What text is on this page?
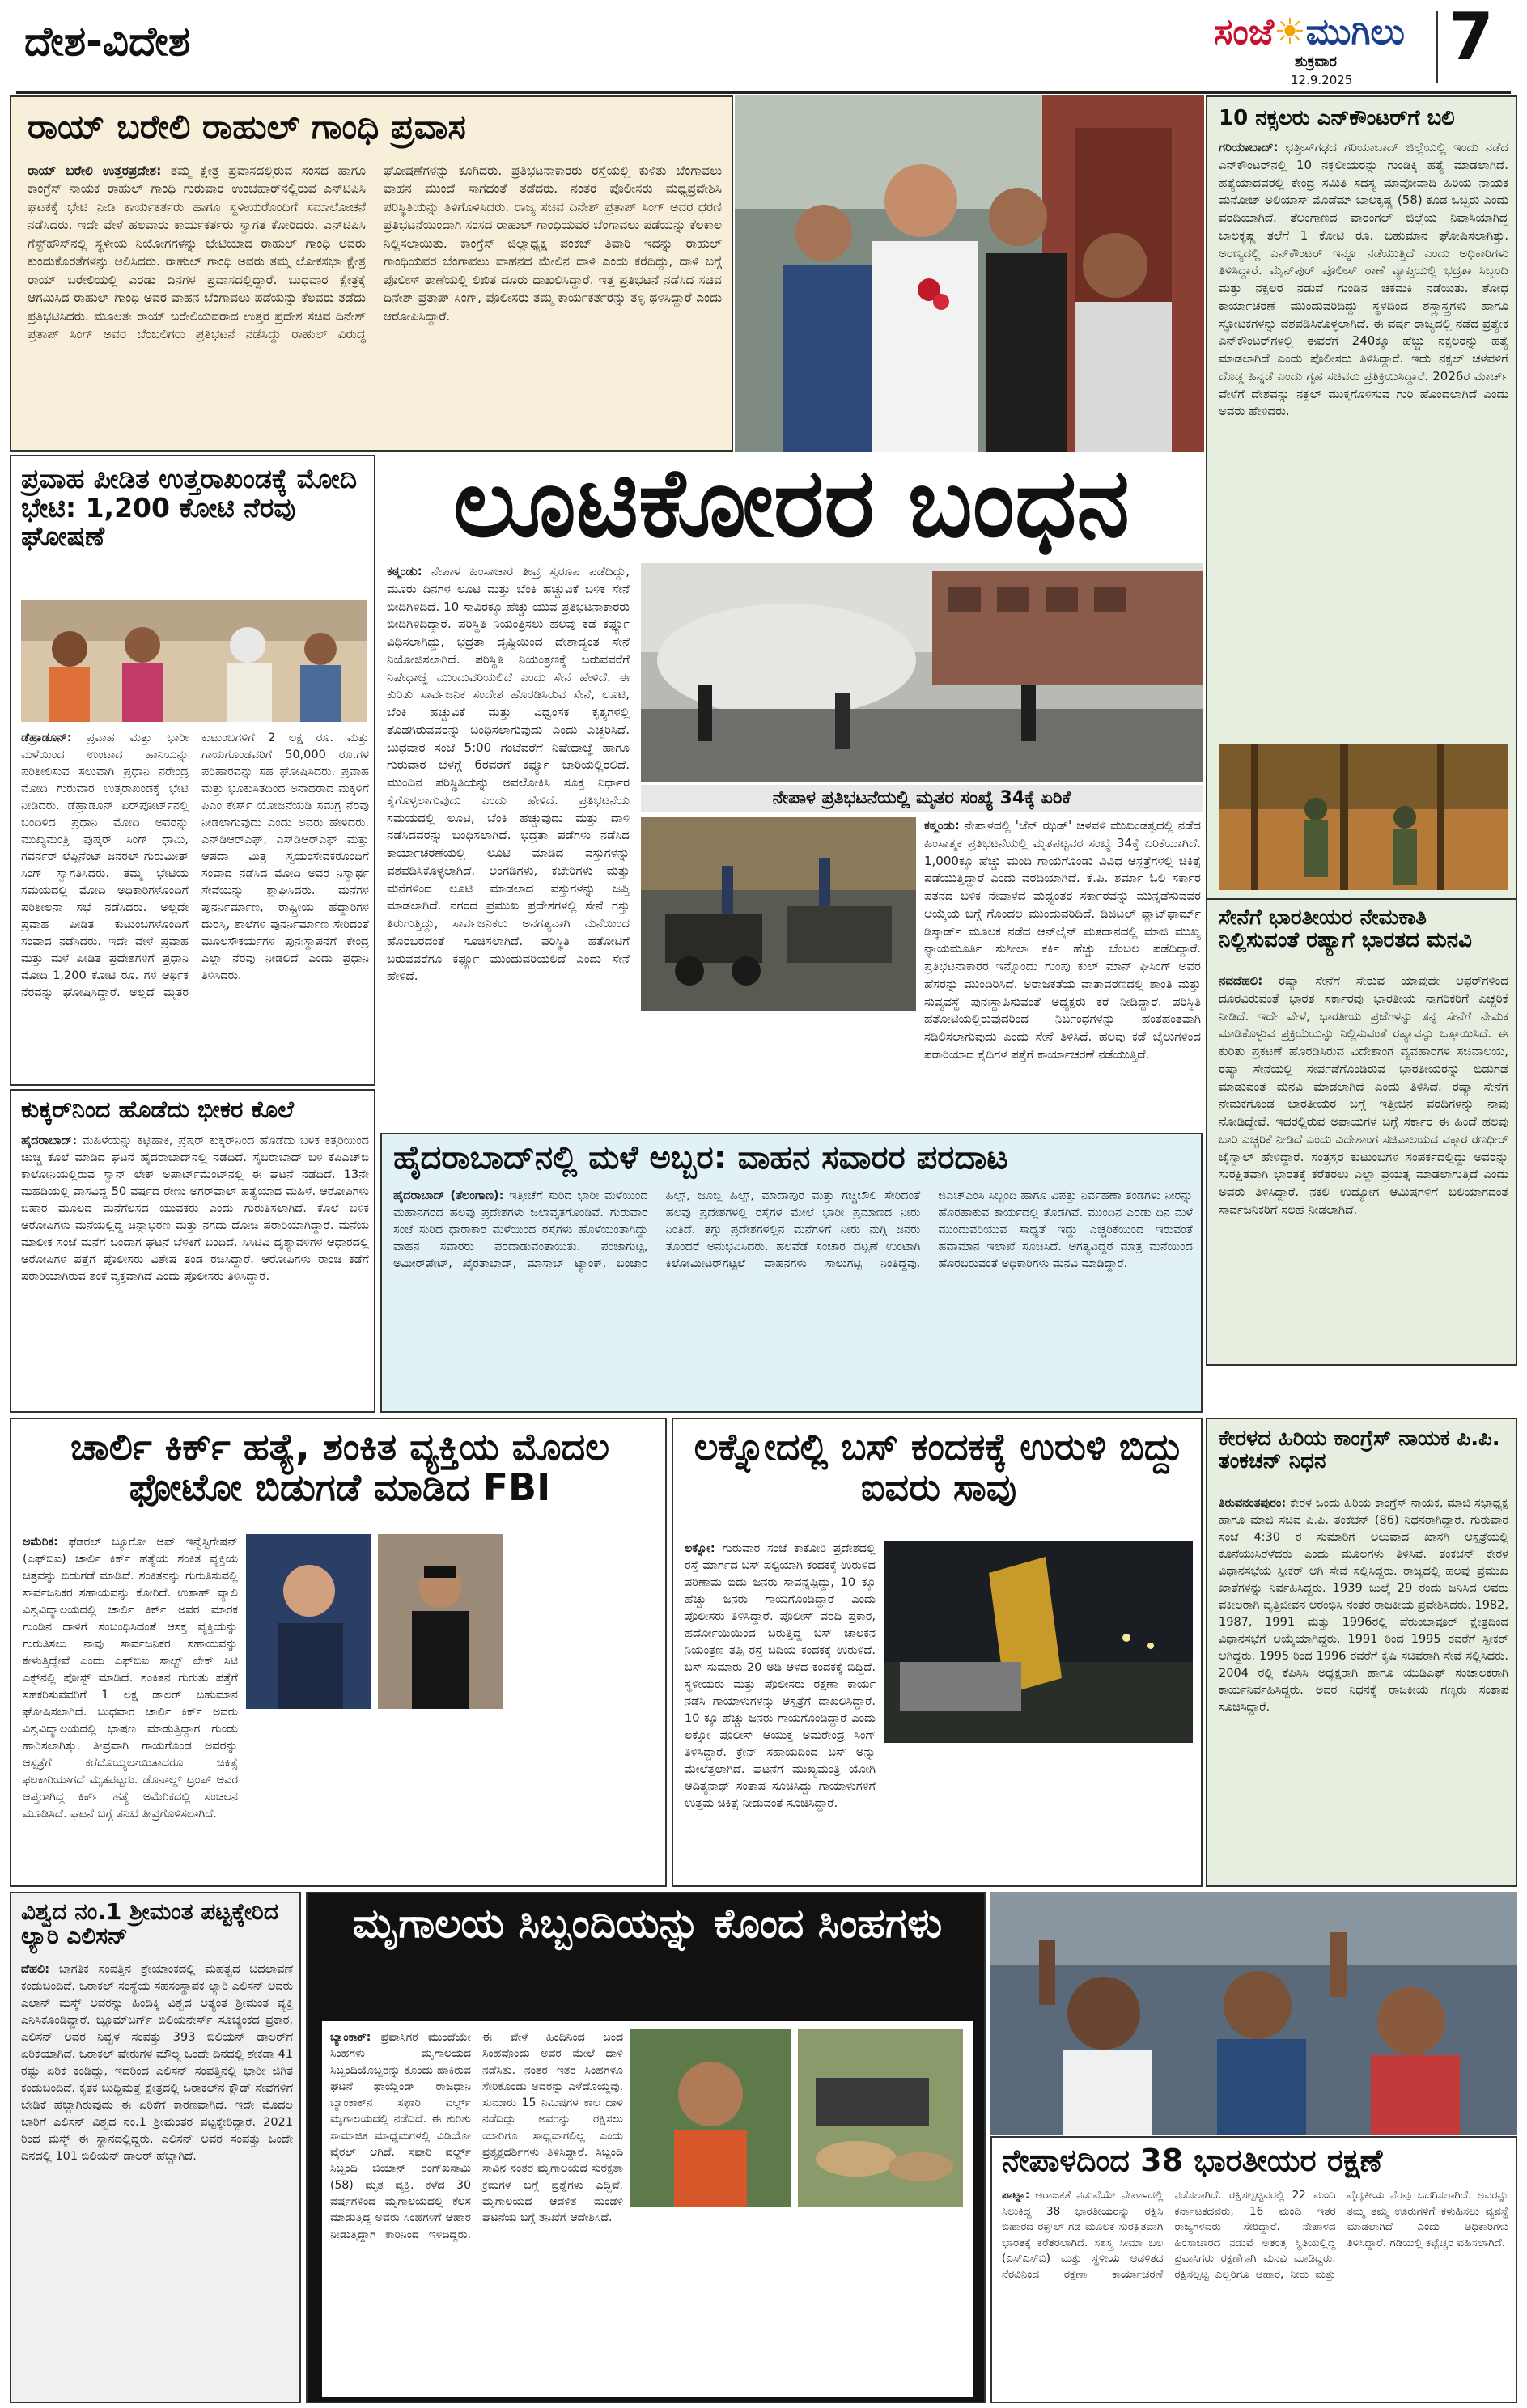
ದೇಶ-ವಿದೇಶ	ಸಂಜೆ☀ಮುಗಿಲು
ಶುಕ್ರವಾರ
12.9.2025
7
ರಾಯ್ ಬರೇಲಿ ರಾಹುಲ್ ಗಾಂಧಿ ಪ್ರವಾಸ
ರಾಯ್ ಬರೇಲಿ ಉತ್ತರಪ್ರದೇಶ: ತಮ್ಮ ಕ್ಷೇತ್ರ ಪ್ರವಾಸದಲ್ಲಿರುವ ಸಂಸದ ಹಾಗೂ ಕಾಂಗ್ರೆಸ್ ನಾಯಕ ರಾಹುಲ್ ಗಾಂಧಿ ಗುರುವಾರ ಉಂಚಹಾರ್‌ನಲ್ಲಿರುವ ಎನ್‌ಟಿಪಿಸಿ ಘಟಕಕ್ಕೆ ಭೇಟಿ ನೀಡಿ ಕಾರ್ಯಕರ್ತರು ಹಾಗೂ ಸ್ಥಳೀಯರೊಂದಿಗೆ ಸಮಾಲೋಚನೆ ನಡೆಸಿದರು. ಇದೇ ವೇಳೆ ಹಲವಾರು ಕಾರ್ಯಕರ್ತರು ಸ್ವಾಗತ ಕೋರಿದರು. ಎನ್‌ಟಿಪಿಸಿ ಗೆಸ್ಟ್‌ಹೌಸ್‌ನಲ್ಲಿ ಸ್ಥಳೀಯ ನಿಯೋಗಗಳನ್ನು ಭೇಟಿಯಾದ ರಾಹುಲ್ ಗಾಂಧಿ ಅವರು ಕುಂದುಕೊರತೆಗಳನ್ನು ಆಲಿಸಿದರು. ರಾಹುಲ್ ಗಾಂಧಿ ಅವರು ತಮ್ಮ ಲೋಕಸಭಾ ಕ್ಷೇತ್ರ ರಾಯ್ ಬರೇಲಿಯಲ್ಲಿ ಎರಡು ದಿನಗಳ ಪ್ರವಾಸದಲ್ಲಿದ್ದಾರೆ. ಬುಧವಾರ ಕ್ಷೇತ್ರಕ್ಕೆ ಆಗಮಿಸಿದ ರಾಹುಲ್ ಗಾಂಧಿ ಅವರ ವಾಹನ ಬೆಂಗಾವಲು ಪಡೆಯನ್ನು ಕೆಲವರು ತಡೆದು ಪ್ರತಿಭಟಿಸಿದರು. ಮೂಲತಃ ರಾಯ್ ಬರೇಲಿಯವರಾದ ಉತ್ತರ ಪ್ರದೇಶ ಸಚಿವ ದಿನೇಶ್ ಪ್ರತಾಪ್ ಸಿಂಗ್ ಅವರ ಬೆಂಬಲಿಗರು ಪ್ರತಿಭಟನೆ ನಡೆಸಿದ್ದು ರಾಹುಲ್ ವಿರುದ್ಧ ಘೋಷಣೆಗಳನ್ನು ಕೂಗಿದರು. ಪ್ರತಿಭಟನಾಕಾರರು ರಸ್ತೆಯಲ್ಲಿ ಕುಳಿತು ಬೆಂಗಾವಲು ವಾಹನ ಮುಂದೆ ಸಾಗದಂತೆ ತಡೆದರು. ನಂತರ ಪೊಲೀಸರು ಮಧ್ಯಪ್ರವೇಶಿಸಿ ಪರಿಸ್ಥಿತಿಯನ್ನು ತಿಳಿಗೊಳಿಸಿದರು. ರಾಜ್ಯ ಸಚಿವ ದಿನೇಶ್ ಪ್ರತಾಪ್ ಸಿಂಗ್ ಅವರ ಧರಣಿ ಪ್ರತಿಭಟನೆಯಿಂದಾಗಿ ಸಂಸದ ರಾಹುಲ್ ಗಾಂಧಿಯವರ ಬೆಂಗಾವಲು ಪಡೆಯನ್ನು ಕೆಲಕಾಲ ನಿಲ್ಲಿಸಲಾಯಿತು. ಕಾಂಗ್ರೆಸ್ ಜಿಲ್ಲಾಧ್ಯಕ್ಷ ಪಂಕಜ್ ತಿವಾರಿ ಇದನ್ನು ರಾಹುಲ್ ಗಾಂಧಿಯವರ ಬೆಂಗಾವಲು ವಾಹನದ ಮೇಲಿನ ದಾಳಿ ಎಂದು ಕರೆದಿದ್ದು, ದಾಳಿ ಬಗ್ಗೆ ಪೊಲೀಸ್ ಠಾಣೆಯಲ್ಲಿ ಲಿಖಿತ ದೂರು ದಾಖಲಿಸಿದ್ದಾರೆ. ಇತ್ತ ಪ್ರತಿಭಟನೆ ನಡೆಸಿದ ಸಚಿವ ದಿನೇಶ್ ಪ್ರತಾಪ್ ಸಿಂಗ್, ಪೊಲೀಸರು ತಮ್ಮ ಕಾರ್ಯಕರ್ತರನ್ನು ತಳ್ಳಿ ಥಳಿಸಿದ್ದಾರೆ ಎಂದು ಆರೋಪಿಸಿದ್ದಾರೆ.
10 ನಕ್ಸಲರು ಎನ್‌ಕೌಂಟರ್‌ಗೆ ಬಲಿ
ಗರಿಯಾಬಾದ್: ಛತ್ತೀಸ್‌ಗಢದ ಗರಿಯಾಬಾದ್ ಜಿಲ್ಲೆಯಲ್ಲಿ ಇಂದು ನಡೆದ ಎನ್‌ಕೌಂಟರ್‌ನಲ್ಲಿ 10 ನಕ್ಸಲೀಯರನ್ನು ಗುಂಡಿಕ್ಕಿ ಹತ್ಯೆ ಮಾಡಲಾಗಿದೆ. ಹತ್ಯೆಯಾದವರಲ್ಲಿ ಕೇಂದ್ರ ಸಮಿತಿ ಸದಸ್ಯ ಮಾವೋವಾದಿ ಹಿರಿಯ ನಾಯಕ ಮನೋಜ್ ಅಲಿಯಾಸ್ ಮೊಡೆಮ್ ಬಾಲಕೃಷ್ಣ (58) ಕೂಡ ಒಬ್ಬರು ಎಂದು ವರದಿಯಾಗಿದೆ. ತೆಲಂಗಾಣದ ವಾರಂಗಲ್ ಜಿಲ್ಲೆಯ ನಿವಾಸಿಯಾಗಿದ್ದ ಬಾಲಕೃಷ್ಣ ತಲೆಗೆ 1 ಕೋಟಿ ರೂ. ಬಹುಮಾನ ಘೋಷಿಸಲಾಗಿತ್ತು. ಅರಣ್ಯದಲ್ಲಿ ಎನ್‌ಕೌಂಟರ್ ಇನ್ನೂ ನಡೆಯುತ್ತಿದೆ ಎಂದು ಅಧಿಕಾರಿಗಳು ತಿಳಿಸಿದ್ದಾರೆ. ಮೈನ್‌ಪುರ್ ಪೊಲೀಸ್ ಠಾಣೆ ವ್ಯಾಪ್ತಿಯಲ್ಲಿ ಭದ್ರತಾ ಸಿಬ್ಬಂದಿ ಮತ್ತು ನಕ್ಸಲರ ನಡುವೆ ಗುಂಡಿನ ಚಕಮಕಿ ನಡೆಯಿತು. ಶೋಧ ಕಾರ್ಯಾಚರಣೆ ಮುಂದುವರಿದಿದ್ದು ಸ್ಥಳದಿಂದ ಶಸ್ತ್ರಾಸ್ತ್ರಗಳು ಹಾಗೂ ಸ್ಫೋಟಕಗಳನ್ನು ವಶಪಡಿಸಿಕೊಳ್ಳಲಾಗಿದೆ. ಈ ವರ್ಷ ರಾಜ್ಯದಲ್ಲಿ ನಡೆದ ಪ್ರತ್ಯೇಕ ಎನ್‌ಕೌಂಟರ್‌ಗಳಲ್ಲಿ ಈವರೆಗೆ 240ಕ್ಕೂ ಹೆಚ್ಚು ನಕ್ಸಲರನ್ನು ಹತ್ಯೆ ಮಾಡಲಾಗಿದೆ ಎಂದು ಪೊಲೀಸರು ತಿಳಿಸಿದ್ದಾರೆ. ಇದು ನಕ್ಸಲ್ ಚಳವಳಿಗೆ ದೊಡ್ಡ ಹಿನ್ನಡೆ ಎಂದು ಗೃಹ ಸಚಿವರು ಪ್ರತಿಕ್ರಿಯಿಸಿದ್ದಾರೆ. 2026ರ ಮಾರ್ಚ್ ವೇಳೆಗೆ ದೇಶವನ್ನು ನಕ್ಸಲ್ ಮುಕ್ತಗೊಳಿಸುವ ಗುರಿ ಹೊಂದಲಾಗಿದೆ ಎಂದು ಅವರು ಹೇಳಿದರು.
ಸೇನೆಗೆ ಭಾರತೀಯರ ನೇಮಕಾತಿ ನಿಲ್ಲಿಸುವಂತೆ ರಷ್ಯಾಗೆ ಭಾರತದ ಮನವಿ
ನವದೆಹಲಿ: ರಷ್ಯಾ ಸೇನೆಗೆ ಸೇರುವ ಯಾವುದೇ ಆಫರ್‌ಗಳಿಂದ ದೂರವಿರುವಂತೆ ಭಾರತ ಸರ್ಕಾರವು ಭಾರತೀಯ ನಾಗರಿಕರಿಗೆ ಎಚ್ಚರಿಕೆ ನೀಡಿದೆ. ಇದೇ ವೇಳೆ, ಭಾರತೀಯ ಪ್ರಜೆಗಳನ್ನು ತನ್ನ ಸೇನೆಗೆ ನೇಮಕ ಮಾಡಿಕೊಳ್ಳುವ ಪ್ರಕ್ರಿಯೆಯನ್ನು ನಿಲ್ಲಿಸುವಂತೆ ರಷ್ಯಾವನ್ನು ಒತ್ತಾಯಿಸಿದೆ. ಈ ಕುರಿತು ಪ್ರಕಟಣೆ ಹೊರಡಿಸಿರುವ ವಿದೇಶಾಂಗ ವ್ಯವಹಾರಗಳ ಸಚಿವಾಲಯ, ರಷ್ಯಾ ಸೇನೆಯಲ್ಲಿ ಸೇರ್ಪಡೆಗೊಂಡಿರುವ ಭಾರತೀಯರನ್ನು ಬಿಡುಗಡೆ ಮಾಡುವಂತೆ ಮನವಿ ಮಾಡಲಾಗಿದೆ ಎಂದು ತಿಳಿಸಿದೆ. ರಷ್ಯಾ ಸೇನೆಗೆ ನೇಮಕಗೊಂಡ ಭಾರತೀಯರ ಬಗ್ಗೆ ಇತ್ತೀಚಿನ ವರದಿಗಳನ್ನು ನಾವು ನೋಡಿದ್ದೇವೆ. ಇದರಲ್ಲಿರುವ ಅಪಾಯಗಳ ಬಗ್ಗೆ ಸರ್ಕಾರ ಈ ಹಿಂದೆ ಹಲವು ಬಾರಿ ಎಚ್ಚರಿಕೆ ನೀಡಿದೆ ಎಂದು ವಿದೇಶಾಂಗ ಸಚಿವಾಲಯದ ವಕ್ತಾರ ರಣಧೀರ್ ಜೈಸ್ವಾಲ್ ಹೇಳಿದ್ದಾರೆ. ಸಂತ್ರಸ್ತರ ಕುಟುಂಬಗಳ ಸಂಪರ್ಕದಲ್ಲಿದ್ದು ಅವರನ್ನು ಸುರಕ್ಷಿತವಾಗಿ ಭಾರತಕ್ಕೆ ಕರೆತರಲು ಎಲ್ಲಾ ಪ್ರಯತ್ನ ಮಾಡಲಾಗುತ್ತಿದೆ ಎಂದು ಅವರು ತಿಳಿಸಿದ್ದಾರೆ. ನಕಲಿ ಉದ್ಯೋಗ ಆಮಿಷಗಳಿಗೆ ಬಲಿಯಾಗದಂತೆ ಸಾರ್ವಜನಿಕರಿಗೆ ಸಲಹೆ ನೀಡಲಾಗಿದೆ.
ಪ್ರವಾಹ ಪೀಡಿತ ಉತ್ತರಾಖಂಡಕ್ಕೆ ಮೋದಿ ಭೇಟಿ: 1,200 ಕೋಟಿ ನೆರವು ಘೋಷಣೆ
ಡೆಹ್ರಾಡೂನ್: ಪ್ರವಾಹ ಮತ್ತು ಭಾರೀ ಮಳೆಯಿಂದ ಉಂಟಾದ ಹಾನಿಯನ್ನು ಪರಿಶೀಲಿಸುವ ಸಲುವಾಗಿ ಪ್ರಧಾನಿ ನರೇಂದ್ರ ಮೋದಿ ಗುರುವಾರ ಉತ್ತರಾಖಂಡಕ್ಕೆ ಭೇಟಿ ನೀಡಿದರು. ಡೆಹ್ರಾಡೂನ್ ಏರ್‌ಪೋರ್ಟ್‌ನಲ್ಲಿ ಬಂದಿಳಿದ ಪ್ರಧಾನಿ ಮೋದಿ ಅವರನ್ನು ಮುಖ್ಯಮಂತ್ರಿ ಪುಷ್ಕರ್ ಸಿಂಗ್ ಧಾಮಿ, ಗವರ್ನರ್ ಲೆಫ್ಟಿನೆಂಟ್ ಜನರಲ್ ಗುರುಮೀತ್ ಸಿಂಗ್ ಸ್ವಾಗತಿಸಿದರು. ತಮ್ಮ ಭೇಟಿಯ ಸಮಯದಲ್ಲಿ ಮೋದಿ ಅಧಿಕಾರಿಗಳೊಂದಿಗೆ ಪರಿಶೀಲನಾ ಸಭೆ ನಡೆಸಿದರು. ಅಲ್ಲದೇ ಪ್ರವಾಹ ಪೀಡಿತ ಕುಟುಂಬಗಳೊಂದಿಗೆ ಸಂವಾದ ನಡೆಸಿದರು. ಇದೇ ವೇಳೆ ಪ್ರವಾಹ ಮತ್ತು ಮಳೆ ಪೀಡಿತ ಪ್ರದೇಶಗಳಿಗೆ ಪ್ರಧಾನಿ ಮೋದಿ 1,200 ಕೋಟಿ ರೂ. ಗಳ ಆರ್ಥಿಕ ನೆರವನ್ನು ಘೋಷಿಸಿದ್ದಾರೆ. ಅಲ್ಲದೆ ಮೃತರ ಕುಟುಂಬಗಳಿಗೆ 2 ಲಕ್ಷ ರೂ. ಮತ್ತು ಗಾಯಗೊಂಡವರಿಗೆ 50,000 ರೂ.ಗಳ ಪರಿಹಾರವನ್ನು ಸಹ ಘೋಷಿಸಿದರು. ಪ್ರವಾಹ ಮತ್ತು ಭೂಕುಸಿತದಿಂದ ಅನಾಥರಾದ ಮಕ್ಕಳಿಗೆ ಪಿಎಂ ಕೇರ್ಸ್ ಯೋಜನೆಯಡಿ ಸಮಗ್ರ ನೆರವು ನೀಡಲಾಗುವುದು ಎಂದು ಅವರು ಹೇಳಿದರು. ಎನ್‌ಡಿಆರ್‌ಎಫ್, ಎಸ್‌ಡಿಆರ್‌ಎಫ್ ಮತ್ತು ಆಪದಾ ಮಿತ್ರ ಸ್ವಯಂಸೇವಕರೊಂದಿಗೆ ಸಂವಾದ ನಡೆಸಿದ ಮೋದಿ ಅವರ ನಿಸ್ವಾರ್ಥ ಸೇವೆಯನ್ನು ಶ್ಲಾಘಿಸಿದರು. ಮನೆಗಳ ಪುನರ್ನಿರ್ಮಾಣ, ರಾಷ್ಟ್ರೀಯ ಹೆದ್ದಾರಿಗಳ ದುರಸ್ತಿ, ಶಾಲೆಗಳ ಪುನರ್ನಿರ್ಮಾಣ ಸೇರಿದಂತೆ ಮೂಲಸೌಕರ್ಯಗಳ ಪುನಃಸ್ಥಾಪನೆಗೆ ಕೇಂದ್ರ ಎಲ್ಲಾ ನೆರವು ನೀಡಲಿದೆ ಎಂದು ಪ್ರಧಾನಿ ತಿಳಿಸಿದರು.
ಲೂಟಿಕೋರರ ಬಂಧನ
ಕಠ್ಮಂಡು: ನೇಪಾಳ ಹಿಂಸಾಚಾರ ತೀವ್ರ ಸ್ವರೂಪ ಪಡೆದಿದ್ದು, ಮೂರು ದಿನಗಳ ಲೂಟಿ ಮತ್ತು ಬೆಂಕಿ ಹಚ್ಚುವಿಕೆ ಬಳಿಕ ಸೇನೆ ಬೀದಿಗಿಳಿದಿದೆ. 10 ಸಾವಿರಕ್ಕೂ ಹೆಚ್ಚು ಯುವ ಪ್ರತಿಭಟನಾಕಾರರು ಬೀದಿಗಿಳಿದಿದ್ದಾರೆ. ಪರಿಸ್ಥಿತಿ ನಿಯಂತ್ರಿಸಲು ಹಲವು ಕಡೆ ಕರ್ಫ್ಯೂ ವಿಧಿಸಲಾಗಿದ್ದು, ಭದ್ರತಾ ದೃಷ್ಟಿಯಿಂದ ದೇಶಾದ್ಯಂತ ಸೇನೆ ನಿಯೋಜಿಸಲಾಗಿದೆ. ಪರಿಸ್ಥಿತಿ ನಿಯಂತ್ರಣಕ್ಕೆ ಬರುವವರೆಗೆ ನಿಷೇಧಾಜ್ಞೆ ಮುಂದುವರಿಯಲಿದೆ ಎಂದು ಸೇನೆ ಹೇಳಿದೆ. ಈ ಕುರಿತು ಸಾರ್ವಜನಿಕ ಸಂದೇಶ ಹೊರಡಿಸಿರುವ ಸೇನೆ, ಲೂಟಿ, ಬೆಂಕಿ ಹಚ್ಚುವಿಕೆ ಮತ್ತು ವಿಧ್ವಂಸಕ ಕೃತ್ಯಗಳಲ್ಲಿ ತೊಡಗಿರುವವರನ್ನು ಬಂಧಿಸಲಾಗುವುದು ಎಂದು ಎಚ್ಚರಿಸಿದೆ. ಬುಧವಾರ ಸಂಜೆ 5:00 ಗಂಟೆವರೆಗೆ ನಿಷೇಧಾಜ್ಞೆ ಹಾಗೂ ಗುರುವಾರ ಬೆಳಗ್ಗೆ 6ರವರೆಗೆ ಕರ್ಫ್ಯೂ ಜಾರಿಯಲ್ಲಿರಲಿದೆ. ಮುಂದಿನ ಪರಿಸ್ಥಿತಿಯನ್ನು ಅವಲೋಕಿಸಿ ಸೂಕ್ತ ನಿರ್ಧಾರ ಕೈಗೊಳ್ಳಲಾಗುವುದು ಎಂದು ಹೇಳಿದೆ. ಪ್ರತಿಭಟನೆಯ ಸಮಯದಲ್ಲಿ ಲೂಟಿ, ಬೆಂಕಿ ಹಚ್ಚುವುದು ಮತ್ತು ದಾಳಿ ನಡೆಸಿದವರನ್ನು ಬಂಧಿಸಲಾಗಿದೆ. ಭದ್ರತಾ ಪಡೆಗಳು ನಡೆಸಿದ ಕಾರ್ಯಾಚರಣೆಯಲ್ಲಿ ಲೂಟಿ ಮಾಡಿದ ವಸ್ತುಗಳನ್ನು ವಶಪಡಿಸಿಕೊಳ್ಳಲಾಗಿದೆ. ಅಂಗಡಿಗಳು, ಕಚೇರಿಗಳು ಮತ್ತು ಮನೆಗಳಿಂದ ಲೂಟಿ ಮಾಡಲಾದ ವಸ್ತುಗಳನ್ನು ಜಪ್ತಿ ಮಾಡಲಾಗಿದೆ. ನಗರದ ಪ್ರಮುಖ ಪ್ರದೇಶಗಳಲ್ಲಿ ಸೇನೆ ಗಸ್ತು ತಿರುಗುತ್ತಿದ್ದು, ಸಾರ್ವಜನಿಕರು ಅನಗತ್ಯವಾಗಿ ಮನೆಯಿಂದ ಹೊರಬರದಂತೆ ಸೂಚಿಸಲಾಗಿದೆ. ಪರಿಸ್ಥಿತಿ ಹತೋಟಿಗೆ ಬರುವವರೆಗೂ ಕರ್ಫ್ಯೂ ಮುಂದುವರಿಯಲಿದೆ ಎಂದು ಸೇನೆ ಹೇಳಿದೆ.
ನೇಪಾಳ ಪ್ರತಿಭಟನೆಯಲ್ಲಿ ಮೃತರ ಸಂಖ್ಯೆ 34ಕ್ಕೆ ಏರಿಕೆ
ಕಠ್ಮಂಡು: ನೇಪಾಳದಲ್ಲಿ 'ಜೆನ್ ಝಡ್' ಚಳವಳಿ ಮುಖಂಡತ್ವದಲ್ಲಿ ನಡೆದ ಹಿಂಸಾತ್ಮಕ ಪ್ರತಿಭಟನೆಯಲ್ಲಿ ಮೃತಪಟ್ಟವರ ಸಂಖ್ಯೆ 34ಕ್ಕೆ ಏರಿಕೆಯಾಗಿದೆ. 1,000ಕ್ಕೂ ಹೆಚ್ಚು ಮಂದಿ ಗಾಯಗೊಂಡು ವಿವಿಧ ಆಸ್ಪತ್ರೆಗಳಲ್ಲಿ ಚಿಕಿತ್ಸೆ ಪಡೆಯುತ್ತಿದ್ದಾರೆ ಎಂದು ವರದಿಯಾಗಿದೆ. ಕೆ.ಪಿ. ಶರ್ಮಾ ಓಲಿ ಸರ್ಕಾರ ಪತನದ ಬಳಿಕ ನೇಪಾಳದ ಮಧ್ಯಂತರ ಸರ್ಕಾರವನ್ನು ಮುನ್ನಡೆಸುವವರ ಆಯ್ಕೆಯ ಬಗ್ಗೆ ಗೊಂದಲ ಮುಂದುವರಿದಿದೆ. ಡಿಜಿಟಲ್ ಪ್ಲಾಟ್‌ಫಾರ್ಮ್ ಡಿಸ್ಕಾರ್ಡ್ ಮೂಲಕ ನಡೆದ ಆನ್‌ಲೈನ್ ಮತದಾನದಲ್ಲಿ ಮಾಜಿ ಮುಖ್ಯ ನ್ಯಾಯಮೂರ್ತಿ ಸುಶೀಲಾ ಕರ್ಕಿ ಹೆಚ್ಚು ಬೆಂಬಲ ಪಡೆದಿದ್ದಾರೆ. ಪ್ರತಿಭಟನಾಕಾರರ ಇನ್ನೊಂದು ಗುಂಪು ಕುಲ್ ಮಾನ್ ಘಿಸಿಂಗ್ ಅವರ ಹೆಸರನ್ನು ಮುಂದಿರಿಸಿದೆ. ಅರಾಜಕತೆಯ ವಾತಾವರಣದಲ್ಲಿ ಶಾಂತಿ ಮತ್ತು ಸುವ್ಯವಸ್ಥೆ ಪುನಃಸ್ಥಾಪಿಸುವಂತೆ ಅಧ್ಯಕ್ಷರು ಕರೆ ನೀಡಿದ್ದಾರೆ. ಪರಿಸ್ಥಿತಿ ಹತೋಟಿಯಲ್ಲಿರುವುದರಿಂದ ನಿರ್ಬಂಧಗಳನ್ನು ಹಂತಹಂತವಾಗಿ ಸಡಿಲಿಸಲಾಗುವುದು ಎಂದು ಸೇನೆ ತಿಳಿಸಿದೆ. ಹಲವು ಕಡೆ ಜೈಲುಗಳಿಂದ ಪರಾರಿಯಾದ ಕೈದಿಗಳ ಪತ್ತೆಗೆ ಕಾರ್ಯಾಚರಣೆ ನಡೆಯುತ್ತಿದೆ.
ಕುಕ್ಕರ್‌ನಿಂದ ಹೊಡೆದು ಭೀಕರ ಕೊಲೆ
ಹೈದರಾಬಾದ್: ಮಹಿಳೆಯನ್ನು ಕಟ್ಟಿಹಾಕಿ, ಪ್ರೆಷರ್ ಕುಕ್ಕರ್‌ನಿಂದ ಹೊಡೆದು ಬಳಿಕ ಕತ್ತರಿಯಿಂದ ಚುಚ್ಚಿ ಕೊಲೆ ಮಾಡಿದ ಘಟನೆ ಹೈದರಾಬಾದ್‌ನಲ್ಲಿ ನಡೆದಿದೆ. ಸೈಬರಾಬಾದ್ ಬಳಿ ಕೆಪಿಎಚ್‌ಬಿ ಕಾಲೋನಿಯಲ್ಲಿರುವ ಸ್ವಾನ್ ಲೇಕ್ ಅಪಾರ್ಟ್‌ಮೆಂಟ್‌ನಲ್ಲಿ ಈ ಘಟನೆ ನಡೆದಿದೆ. 13ನೇ ಮಹಡಿಯಲ್ಲಿ ವಾಸವಿದ್ದ 50 ವರ್ಷದ ರೇಣು ಅಗರ್‌ವಾಲ್ ಹತ್ಯೆಯಾದ ಮಹಿಳೆ. ಆರೋಪಿಗಳು ಬಿಹಾರ ಮೂಲದ ಮನೆಗೆಲಸದ ಯುವಕರು ಎಂದು ಗುರುತಿಸಲಾಗಿದೆ. ಕೊಲೆ ಬಳಿಕ ಆರೋಪಿಗಳು ಮನೆಯಲ್ಲಿದ್ದ ಚಿನ್ನಾಭರಣ ಮತ್ತು ನಗದು ದೋಚಿ ಪರಾರಿಯಾಗಿದ್ದಾರೆ. ಮನೆಯ ಮಾಲೀಕ ಸಂಜೆ ಮನೆಗೆ ಬಂದಾಗ ಘಟನೆ ಬೆಳಕಿಗೆ ಬಂದಿದೆ. ಸಿಸಿಟಿವಿ ದೃಶ್ಯಾವಳಿಗಳ ಆಧಾರದಲ್ಲಿ ಆರೋಪಿಗಳ ಪತ್ತೆಗೆ ಪೊಲೀಸರು ವಿಶೇಷ ತಂಡ ರಚಿಸಿದ್ದಾರೆ. ಆರೋಪಿಗಳು ರಾಂಚಿ ಕಡೆಗೆ ಪರಾರಿಯಾಗಿರುವ ಶಂಕೆ ವ್ಯಕ್ತವಾಗಿದೆ ಎಂದು ಪೊಲೀಸರು ತಿಳಿಸಿದ್ದಾರೆ.
ಹೈದರಾಬಾದ್‌ನಲ್ಲಿ ಮಳೆ ಅಬ್ಬರ: ವಾಹನ ಸವಾರರ ಪರದಾಟ
ಹೈದರಾಬಾದ್ (ತೆಲಂಗಾಣ): ಇತ್ತೀಚೆಗೆ ಸುರಿದ ಭಾರೀ ಮಳೆಯಿಂದ ಮಹಾನಗರದ ಹಲವು ಪ್ರದೇಶಗಳು ಜಲಾವೃತಗೊಂಡಿವೆ. ಗುರುವಾರ ಸಂಜೆ ಸುರಿದ ಧಾರಾಕಾರ ಮಳೆಯಿಂದ ರಸ್ತೆಗಳು ಹೊಳೆಯಂತಾಗಿದ್ದು ವಾಹನ ಸವಾರರು ಪರದಾಡುವಂತಾಯಿತು. ಪಂಜಾಗುಟ್ಟ, ಅಮೀರ್‌ಪೇಟ್, ಖೈರತಾಬಾದ್, ಮಾಸಾಬ್ ಟ್ಯಾಂಕ್, ಬಂಜಾರ ಹಿಲ್ಸ್, ಜೂಬ್ಲಿ ಹಿಲ್ಸ್, ಮಾದಾಪುರ ಮತ್ತು ಗಚ್ಚಿಬೌಲಿ ಸೇರಿದಂತೆ ಹಲವು ಪ್ರದೇಶಗಳಲ್ಲಿ ರಸ್ತೆಗಳ ಮೇಲೆ ಭಾರೀ ಪ್ರಮಾಣದ ನೀರು ನಿಂತಿದೆ. ತಗ್ಗು ಪ್ರದೇಶಗಳಲ್ಲಿನ ಮನೆಗಳಿಗೆ ನೀರು ನುಗ್ಗಿ ಜನರು ತೊಂದರೆ ಅನುಭವಿಸಿದರು. ಹಲವೆಡೆ ಸಂಚಾರ ದಟ್ಟಣೆ ಉಂಟಾಗಿ ಕಿಲೋಮೀಟರ್‌ಗಟ್ಟಲೆ ವಾಹನಗಳು ಸಾಲುಗಟ್ಟಿ ನಿಂತಿದ್ದವು. ಜಿಎಚ್‌ಎಂಸಿ ಸಿಬ್ಬಂದಿ ಹಾಗೂ ವಿಪತ್ತು ನಿರ್ವಹಣಾ ತಂಡಗಳು ನೀರನ್ನು ಹೊರಹಾಕುವ ಕಾರ್ಯದಲ್ಲಿ ತೊಡಗಿವೆ. ಮುಂದಿನ ಎರಡು ದಿನ ಮಳೆ ಮುಂದುವರಿಯುವ ಸಾಧ್ಯತೆ ಇದ್ದು ಎಚ್ಚರಿಕೆಯಿಂದ ಇರುವಂತೆ ಹವಾಮಾನ ಇಲಾಖೆ ಸೂಚಿಸಿದೆ. ಅಗತ್ಯವಿದ್ದರೆ ಮಾತ್ರ ಮನೆಯಿಂದ ಹೊರಬರುವಂತೆ ಅಧಿಕಾರಿಗಳು ಮನವಿ ಮಾಡಿದ್ದಾರೆ.
ಚಾರ್ಲಿ ಕಿರ್ಕ್ ಹತ್ಯೆ, ಶಂಕಿತ ವ್ಯಕ್ತಿಯ ಮೊದಲ ಫೋಟೋ ಬಿಡುಗಡೆ ಮಾಡಿದ FBI
ಅಮೆರಿಕ: ಫೆಡರಲ್ ಬ್ಯೂರೋ ಆಫ್ ಇನ್ವೆಸ್ಟಿಗೇಷನ್ (ಎಫ್‌ಬಿಐ) ಚಾರ್ಲಿ ಕಿರ್ಕ್ ಹತ್ಯೆಯ ಶಂಕಿತ ವ್ಯಕ್ತಿಯ ಚಿತ್ರವನ್ನು ಬಿಡುಗಡೆ ಮಾಡಿದೆ. ಶಂಕಿತನನ್ನು ಗುರುತಿಸುವಲ್ಲಿ ಸಾರ್ವಜನಿಕರ ಸಹಾಯವನ್ನು ಕೋರಿದೆ. ಉತಾಹ್ ವ್ಯಾಲಿ ವಿಶ್ವವಿದ್ಯಾಲಯದಲ್ಲಿ ಚಾರ್ಲಿ ಕಿರ್ಕ್ ಅವರ ಮಾರಕ ಗುಂಡಿನ ದಾಳಿಗೆ ಸಂಬಂಧಿಸಿದಂತೆ ಆಸಕ್ತ ವ್ಯಕ್ತಿಯನ್ನು ಗುರುತಿಸಲು ನಾವು ಸಾರ್ವಜನಿಕರ ಸಹಾಯವನ್ನು ಕೇಳುತ್ತಿದ್ದೇವೆ ಎಂದು ಎಫ್‌ಬಿಐ ಸಾಲ್ಟ್ ಲೇಕ್ ಸಿಟಿ ಎಕ್ಸ್‌ನಲ್ಲಿ ಪೋಸ್ಟ್ ಮಾಡಿದೆ. ಶಂಕಿತನ ಗುರುತು ಪತ್ತೆಗೆ ಸಹಕರಿಸುವವರಿಗೆ 1 ಲಕ್ಷ ಡಾಲರ್ ಬಹುಮಾನ ಘೋಷಿಸಲಾಗಿದೆ. ಬುಧವಾರ ಚಾರ್ಲಿ ಕಿರ್ಕ್ ಅವರು ವಿಶ್ವವಿದ್ಯಾಲಯದಲ್ಲಿ ಭಾಷಣ ಮಾಡುತ್ತಿದ್ದಾಗ ಗುಂಡು ಹಾರಿಸಲಾಗಿತ್ತು. ತೀವ್ರವಾಗಿ ಗಾಯಗೊಂಡ ಅವರನ್ನು ಆಸ್ಪತ್ರೆಗೆ ಕರೆದೊಯ್ಯಲಾಯಿತಾದರೂ ಚಿಕಿತ್ಸೆ ಫಲಕಾರಿಯಾಗದೆ ಮೃತಪಟ್ಟರು. ಡೊನಾಲ್ಡ್ ಟ್ರಂಪ್ ಅವರ ಆಪ್ತರಾಗಿದ್ದ ಕಿರ್ಕ್ ಹತ್ಯೆ ಅಮೆರಿಕದಲ್ಲಿ ಸಂಚಲನ ಮೂಡಿಸಿದೆ. ಘಟನೆ ಬಗ್ಗೆ ತನಿಖೆ ತೀವ್ರಗೊಳಿಸಲಾಗಿದೆ.
ಲಕ್ನೋದಲ್ಲಿ ಬಸ್ ಕಂದಕಕ್ಕೆ ಉರುಳಿ ಬಿದ್ದು ಐವರು ಸಾವು
ಲಕ್ನೋ: ಗುರುವಾರ ಸಂಜೆ ಕಾಕೋರಿ ಪ್ರದೇಶದಲ್ಲಿ ರಸ್ತೆ ಮಾರ್ಗದ ಬಸ್ ಪಲ್ಟಿಯಾಗಿ ಕಂದಕಕ್ಕೆ ಉರುಳಿದ ಪರಿಣಾಮ ಐದು ಜನರು ಸಾವನ್ನಪ್ಪಿದ್ದು, 10 ಕ್ಕೂ ಹೆಚ್ಚು ಜನರು ಗಾಯಗೊಂಡಿದ್ದಾರೆ ಎಂದು ಪೊಲೀಸರು ತಿಳಿಸಿದ್ದಾರೆ. ಪೊಲೀಸ್ ವರದಿ ಪ್ರಕಾರ, ಹರ್ದೋಯಿಯಿಂದ ಬರುತ್ತಿದ್ದ ಬಸ್ ಚಾಲಕನ ನಿಯಂತ್ರಣ ತಪ್ಪಿ ರಸ್ತೆ ಬದಿಯ ಕಂದಕಕ್ಕೆ ಉರುಳಿದೆ. ಬಸ್ ಸುಮಾರು 20 ಅಡಿ ಆಳದ ಕಂದಕಕ್ಕೆ ಬಿದ್ದಿದೆ. ಸ್ಥಳೀಯರು ಮತ್ತು ಪೊಲೀಸರು ರಕ್ಷಣಾ ಕಾರ್ಯ ನಡೆಸಿ ಗಾಯಾಳುಗಳನ್ನು ಆಸ್ಪತ್ರೆಗೆ ದಾಖಲಿಸಿದ್ದಾರೆ. 10 ಕ್ಕೂ ಹೆಚ್ಚು ಜನರು ಗಾಯಗೊಂಡಿದ್ದಾರೆ ಎಂದು ಲಕ್ನೋ ಪೊಲೀಸ್ ಆಯುಕ್ತ ಅಮರೇಂದ್ರ ಸಿಂಗ್ ತಿಳಿಸಿದ್ದಾರೆ. ಕ್ರೇನ್ ಸಹಾಯದಿಂದ ಬಸ್ ಅನ್ನು ಮೇಲೆತ್ತಲಾಗಿದೆ. ಘಟನೆಗೆ ಮುಖ್ಯಮಂತ್ರಿ ಯೋಗಿ ಆದಿತ್ಯನಾಥ್ ಸಂತಾಪ ಸೂಚಿಸಿದ್ದು ಗಾಯಾಳುಗಳಿಗೆ ಉತ್ತಮ ಚಿಕಿತ್ಸೆ ನೀಡುವಂತೆ ಸೂಚಿಸಿದ್ದಾರೆ.
ಕೇರಳದ ಹಿರಿಯ ಕಾಂಗ್ರೆಸ್ ನಾಯಕ ಪಿ.ಪಿ. ತಂಕಚನ್ ನಿಧನ
ತಿರುವನಂತಪುರಂ: ಕೇರಳ ಒಂದು ಹಿರಿಯ ಕಾಂಗ್ರೆಸ್ ನಾಯಕ, ಮಾಜಿ ಸಭಾಧ್ಯಕ್ಷ ಹಾಗೂ ಮಾಜಿ ಸಚಿವ ಪಿ.ಪಿ. ತಂಕಚನ್ (86) ನಿಧನರಾಗಿದ್ದಾರೆ. ಗುರುವಾರ ಸಂಜೆ 4:30 ರ ಸುಮಾರಿಗೆ ಅಲುವಾದ ಖಾಸಗಿ ಆಸ್ಪತ್ರೆಯಲ್ಲಿ ಕೊನೆಯುಸಿರೆಳೆದರು ಎಂದು ಮೂಲಗಳು ತಿಳಿಸಿವೆ. ತಂಕಚನ್ ಕೇರಳ ವಿಧಾನಸಭೆಯ ಸ್ಪೀಕರ್ ಆಗಿ ಸೇವೆ ಸಲ್ಲಿಸಿದ್ದರು. ರಾಜ್ಯದಲ್ಲಿ ಹಲವು ಪ್ರಮುಖ ಖಾತೆಗಳನ್ನು ನಿರ್ವಹಿಸಿದ್ದರು. 1939 ಜುಲೈ 29 ರಂದು ಜನಿಸಿದ ಅವರು ವಕೀಲರಾಗಿ ವೃತ್ತಿಜೀವನ ಆರಂಭಿಸಿ ನಂತರ ರಾಜಕೀಯ ಪ್ರವೇಶಿಸಿದರು. 1982, 1987, 1991 ಮತ್ತು 1996ರಲ್ಲಿ ಪೆರುಂಬಾವೂರ್ ಕ್ಷೇತ್ರದಿಂದ ವಿಧಾನಸಭೆಗೆ ಆಯ್ಕೆಯಾಗಿದ್ದರು. 1991 ರಿಂದ 1995 ರವರೆಗೆ ಸ್ಪೀಕರ್ ಆಗಿದ್ದರು. 1995 ರಿಂದ 1996 ರವರೆಗೆ ಕೃಷಿ ಸಚಿವರಾಗಿ ಸೇವೆ ಸಲ್ಲಿಸಿದರು. 2004 ರಲ್ಲಿ ಕೆಪಿಸಿಸಿ ಅಧ್ಯಕ್ಷರಾಗಿ ಹಾಗೂ ಯುಡಿಎಫ್ ಸಂಚಾಲಕರಾಗಿ ಕಾರ್ಯನಿರ್ವಹಿಸಿದ್ದರು. ಅವರ ನಿಧನಕ್ಕೆ ರಾಜಕೀಯ ಗಣ್ಯರು ಸಂತಾಪ ಸೂಚಿಸಿದ್ದಾರೆ.
ವಿಶ್ವದ ನಂ.1 ಶ್ರೀಮಂತ ಪಟ್ಟಕ್ಕೇರಿದ ಲ್ಯಾರಿ ಎಲಿಸನ್
ದೆಹಲಿ: ಜಾಗತಿಕ ಸಂಪತ್ತಿನ ಶ್ರೇಯಾಂಕದಲ್ಲಿ ಮಹತ್ವದ ಬದಲಾವಣೆ ಕಂಡುಬಂದಿದೆ. ಒರಾಕಲ್ ಸಂಸ್ಥೆಯ ಸಹಸಂಸ್ಥಾಪಕ ಲ್ಯಾರಿ ಎಲಿಸನ್ ಅವರು ಎಲಾನ್ ಮಸ್ಕ್ ಅವರನ್ನು ಹಿಂದಿಕ್ಕಿ ವಿಶ್ವದ ಅತ್ಯಂತ ಶ್ರೀಮಂತ ವ್ಯಕ್ತಿ ಎನಿಸಿಕೊಂಡಿದ್ದಾರೆ. ಬ್ಲೂಮ್‌ಬರ್ಗ್ ಬಿಲಿಯನೇರ್ಸ್ ಸೂಚ್ಯಂಕದ ಪ್ರಕಾರ, ಎಲಿಸನ್ ಅವರ ನಿವ್ವಳ ಸಂಪತ್ತು 393 ಬಿಲಿಯನ್ ಡಾಲರ್‌ಗೆ ಏರಿಕೆಯಾಗಿದೆ. ಒರಾಕಲ್ ಷೇರುಗಳ ಮೌಲ್ಯ ಒಂದೇ ದಿನದಲ್ಲಿ ಶೇಕಡಾ 41 ರಷ್ಟು ಏರಿಕೆ ಕಂಡಿದ್ದು, ಇದರಿಂದ ಎಲಿಸನ್ ಸಂಪತ್ತಿನಲ್ಲಿ ಭಾರೀ ಜಿಗಿತ ಕಂಡುಬಂದಿದೆ. ಕೃತಕ ಬುದ್ಧಿಮತ್ತೆ ಕ್ಷೇತ್ರದಲ್ಲಿ ಒರಾಕಲ್‌ನ ಕ್ಲೌಡ್ ಸೇವೆಗಳಿಗೆ ಬೇಡಿಕೆ ಹೆಚ್ಚಾಗಿರುವುದು ಈ ಏರಿಕೆಗೆ ಕಾರಣವಾಗಿದೆ. ಇದೇ ಮೊದಲ ಬಾರಿಗೆ ಎಲಿಸನ್ ವಿಶ್ವದ ನಂ.1 ಶ್ರೀಮಂತರ ಪಟ್ಟಕ್ಕೇರಿದ್ದಾರೆ. 2021 ರಿಂದ ಮಸ್ಕ್ ಈ ಸ್ಥಾನದಲ್ಲಿದ್ದರು. ಎಲಿಸನ್ ಅವರ ಸಂಪತ್ತು ಒಂದೇ ದಿನದಲ್ಲಿ 101 ಬಿಲಿಯನ್ ಡಾಲರ್ ಹೆಚ್ಚಾಗಿದೆ.
ಮೃಗಾಲಯ ಸಿಬ್ಬಂದಿಯನ್ನು ಕೊಂದ ಸಿಂಹಗಳು
ಬ್ಯಾಂಕಾಕ್: ಪ್ರವಾಸಿಗರ ಮುಂದೆಯೇ ಸಿಂಹಗಳು ಮೃಗಾಲಯದ ಸಿಬ್ಬಂದಿಯೊಬ್ಬರನ್ನು ಕೊಂದು ಹಾಕಿರುವ ಘಟನೆ ಥಾಯ್ಲೆಂಡ್ ರಾಜಧಾನಿ ಬ್ಯಾಂಕಾಕ್‌ನ ಸಫಾರಿ ವರ್ಲ್ಡ್ ಮೃಗಾಲಯದಲ್ಲಿ ನಡೆದಿದೆ. ಈ ಕುರಿತು ಸಾಮಾಜಿಕ ಮಾಧ್ಯಮಗಳಲ್ಲಿ ವಿಡಿಯೋ ವೈರಲ್ ಆಗಿದೆ. ಸಫಾರಿ ವರ್ಲ್ಡ್ ಸಿಬ್ಬಂದಿ ಜಿಯಾನ್ ರಂಗ್‌ಖಸಾಮಿ (58) ಮೃತ ವ್ಯಕ್ತಿ. ಕಳೆದ 30 ವರ್ಷಗಳಿಂದ ಮೃಗಾಲಯದಲ್ಲಿ ಕೆಲಸ ಮಾಡುತ್ತಿದ್ದ ಅವರು ಸಿಂಹಗಳಿಗೆ ಆಹಾರ ನೀಡುತ್ತಿದ್ದಾಗ ಕಾರಿನಿಂದ ಇಳಿದಿದ್ದರು. ಈ ವೇಳೆ ಹಿಂದಿನಿಂದ ಬಂದ ಸಿಂಹವೊಂದು ಅವರ ಮೇಲೆ ದಾಳಿ ನಡೆಸಿತು. ನಂತರ ಇತರ ಸಿಂಹಗಳೂ ಸೇರಿಕೊಂಡು ಅವರನ್ನು ಎಳೆದೊಯ್ದವು. ಸುಮಾರು 15 ನಿಮಿಷಗಳ ಕಾಲ ದಾಳಿ ನಡೆದಿದ್ದು ಅವರನ್ನು ರಕ್ಷಿಸಲು ಯಾರಿಗೂ ಸಾಧ್ಯವಾಗಲಿಲ್ಲ ಎಂದು ಪ್ರತ್ಯಕ್ಷದರ್ಶಿಗಳು ತಿಳಿಸಿದ್ದಾರೆ. ಸಿಬ್ಬಂದಿ ಸಾವಿನ ನಂತರ ಮೃಗಾಲಯದ ಸುರಕ್ಷತಾ ಕ್ರಮಗಳ ಬಗ್ಗೆ ಪ್ರಶ್ನೆಗಳು ಎದ್ದಿವೆ. ಮೃಗಾಲಯದ ಆಡಳಿತ ಮಂಡಳಿ ಘಟನೆಯ ಬಗ್ಗೆ ತನಿಖೆಗೆ ಆದೇಶಿಸಿದೆ.
ನೇಪಾಳದಿಂದ 38 ಭಾರತೀಯರ ರಕ್ಷಣೆ
ಪಾಟ್ನಾ: ಅರಾಜಕತೆ ನಡುವೆಯೇ ನೇಪಾಳದಲ್ಲಿ ಸಿಲುಕಿದ್ದ 38 ಭಾರತೀಯರನ್ನು ರಕ್ಷಿಸಿ ಬಿಹಾರದ ರಕ್ಸೌಲ್ ಗಡಿ ಮೂಲಕ ಸುರಕ್ಷಿತವಾಗಿ ಭಾರತಕ್ಕೆ ಕರೆತರಲಾಗಿದೆ. ಸಶಸ್ತ್ರ ಸೀಮಾ ಬಲ (ಎಸ್‌ಎಸ್‌ಬಿ) ಮತ್ತು ಸ್ಥಳೀಯ ಆಡಳಿತದ ನೆರವಿನಿಂದ ರಕ್ಷಣಾ ಕಾರ್ಯಾಚರಣೆ ನಡೆಸಲಾಗಿದೆ. ರಕ್ಷಿಸಲ್ಪಟ್ಟವರಲ್ಲಿ 22 ಮಂದಿ ಕರ್ನಾಟಕದವರು, 16 ಮಂದಿ ಇತರ ರಾಜ್ಯಗಳವರು ಸೇರಿದ್ದಾರೆ. ನೇಪಾಳದ ಹಿಂಸಾಚಾರದ ನಡುವೆ ಅತಂತ್ರ ಸ್ಥಿತಿಯಲ್ಲಿದ್ದ ಪ್ರವಾಸಿಗರು ರಕ್ಷಣೆಗಾಗಿ ಮನವಿ ಮಾಡಿದ್ದರು. ರಕ್ಷಿಸಲ್ಪಟ್ಟ ಎಲ್ಲರಿಗೂ ಆಹಾರ, ನೀರು ಮತ್ತು ವೈದ್ಯಕೀಯ ನೆರವು ಒದಗಿಸಲಾಗಿದೆ. ಅವರನ್ನು ತಮ್ಮ ತಮ್ಮ ಊರುಗಳಿಗೆ ಕಳುಹಿಸಲು ವ್ಯವಸ್ಥೆ ಮಾಡಲಾಗಿದೆ ಎಂದು ಅಧಿಕಾರಿಗಳು ತಿಳಿಸಿದ್ದಾರೆ. ಗಡಿಯಲ್ಲಿ ಕಟ್ಟೆಚ್ಚರ ವಹಿಸಲಾಗಿದೆ.
